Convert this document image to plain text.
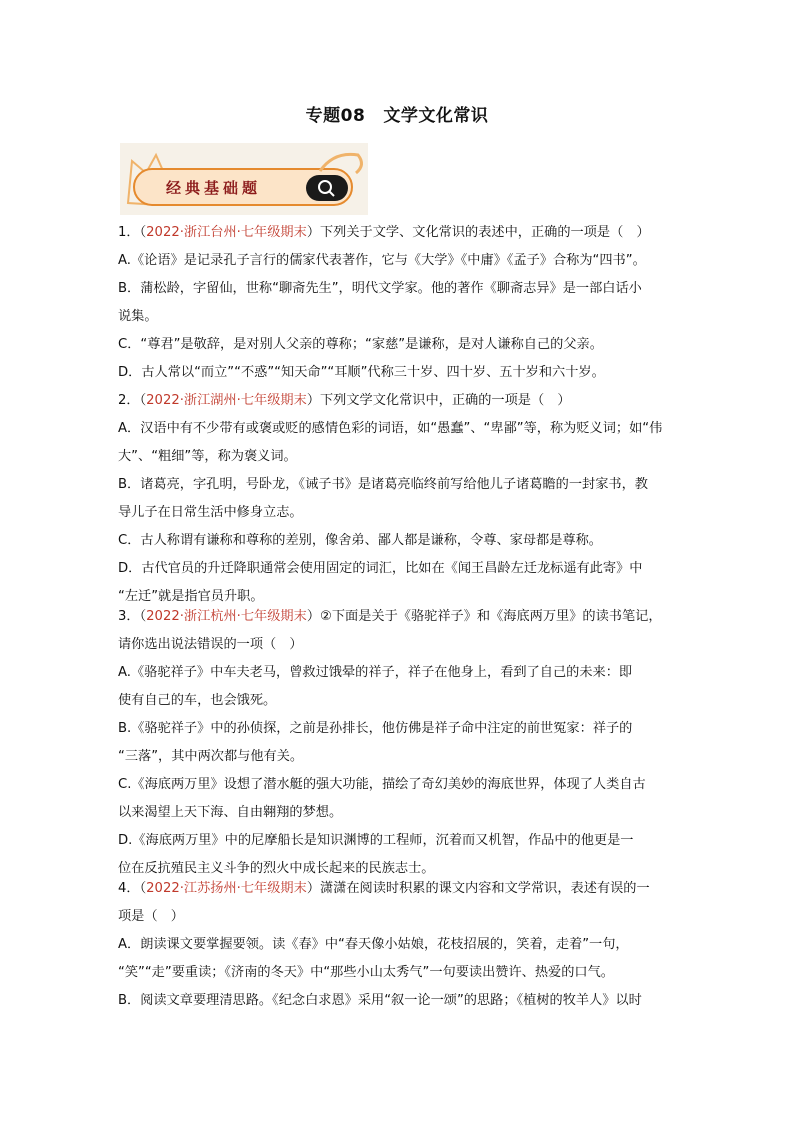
专题08 文学文化常识
经典基础题
1．（2022·浙江台州·七年级期末）下列关于文学、文化常识的表述中，正确的一项是（　）
A.《论语》是记录孔子言行的儒家代表著作，它与《大学》《中庸》《孟子》合称为“四书”。
B．蒲松龄，字留仙，世称“聊斋先生”，明代文学家。他的著作《聊斋志异》是一部白话小
说集。
C．“尊君”是敬辞，是对别人父亲的尊称；“家慈”是谦称，是对人谦称自己的父亲。
D．古人常以“而立”“不惑”“知天命”“耳顺”代称三十岁、四十岁、五十岁和六十岁。
2．（2022·浙江湖州·七年级期末）下列文学文化常识中，正确的一项是（　）
A．汉语中有不少带有或褒或贬的感情色彩的词语，如“愚蠢”、“卑鄙”等，称为贬义词；如“伟
大”、“粗细”等，称为褒义词。
B．诸葛亮，字孔明，号卧龙，《诫子书》是诸葛亮临终前写给他儿子诸葛瞻的一封家书，教
导儿子在日常生活中修身立志。
C．古人称谓有谦称和尊称的差别，像舍弟、鄙人都是谦称，令尊、家母都是尊称。
D．古代官员的升迁降职通常会使用固定的词汇，比如在《闻王昌龄左迁龙标遥有此寄》中
“左迁”就是指官员升职。
3．（2022·浙江杭州·七年级期末）②下面是关于《骆驼祥子》和《海底两万里》的读书笔记，
请你选出说法错误的一项（　）
A.《骆驼祥子》中车夫老马，曾救过饿晕的祥子，祥子在他身上，看到了自己的未来：即
使有自己的车，也会饿死。
B.《骆驼祥子》中的孙侦探，之前是孙排长，他仿佛是祥子命中注定的前世冤家：祥子的
“三落”，其中两次都与他有关。
C.《海底两万里》设想了潜水艇的强大功能，描绘了奇幻美妙的海底世界，体现了人类自古
以来渴望上天下海、自由翱翔的梦想。
D.《海底两万里》中的尼摩船长是知识渊博的工程师，沉着而又机智，作品中的他更是一
位在反抗殖民主义斗争的烈火中成长起来的民族志士。
4．（2022·江苏扬州·七年级期末）潇潇在阅读时积累的课文内容和文学常识，表述有误的一
项是（　）
A．朗读课文要掌握要领。读《春》中“春天像小姑娘，花枝招展的，笑着，走着”一句，
“笑”“走”要重读；《济南的冬天》中“那些小山太秀气”一句要读出赞许、热爱的口气。
B．阅读文章要理清思路。《纪念白求恩》采用“叙一论一颂”的思路；《植树的牧羊人》以时
